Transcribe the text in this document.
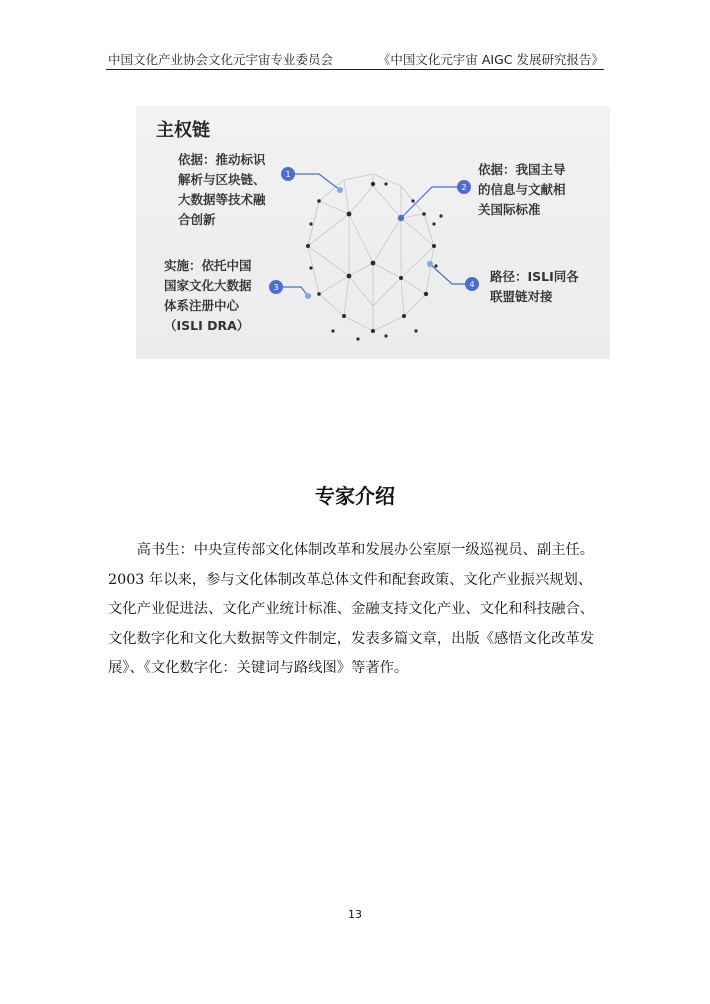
中国文化产业协会文化元宇宙专业委员会	《中国文化元宇宙 AIGC 发展研究报告》
1
2
3	4
主权链
依据：推动标识
解析与区块链、
大数据等技术融
合创新
依据：我国主导
的信息与文献相
关国际标准
实施：依托中国
国家文化大数据
体系注册中心
（ISLI DRA）
路径：ISLI同各
联盟链对接
专家介绍
高书生：中央宣传部文化体制改革和发展办公室原一级巡视员、副主任。2003 年以来，参与文化体制改革总体文件和配套政策、文化产业振兴规划、文化产业促进法、文化产业统计标准、金融支持文化产业、文化和科技融合、文化数字化和文化大数据等文件制定，发表多篇文章，出版《感悟文化改革发展》、《文化数字化：关键词与路线图》等著作。
13
